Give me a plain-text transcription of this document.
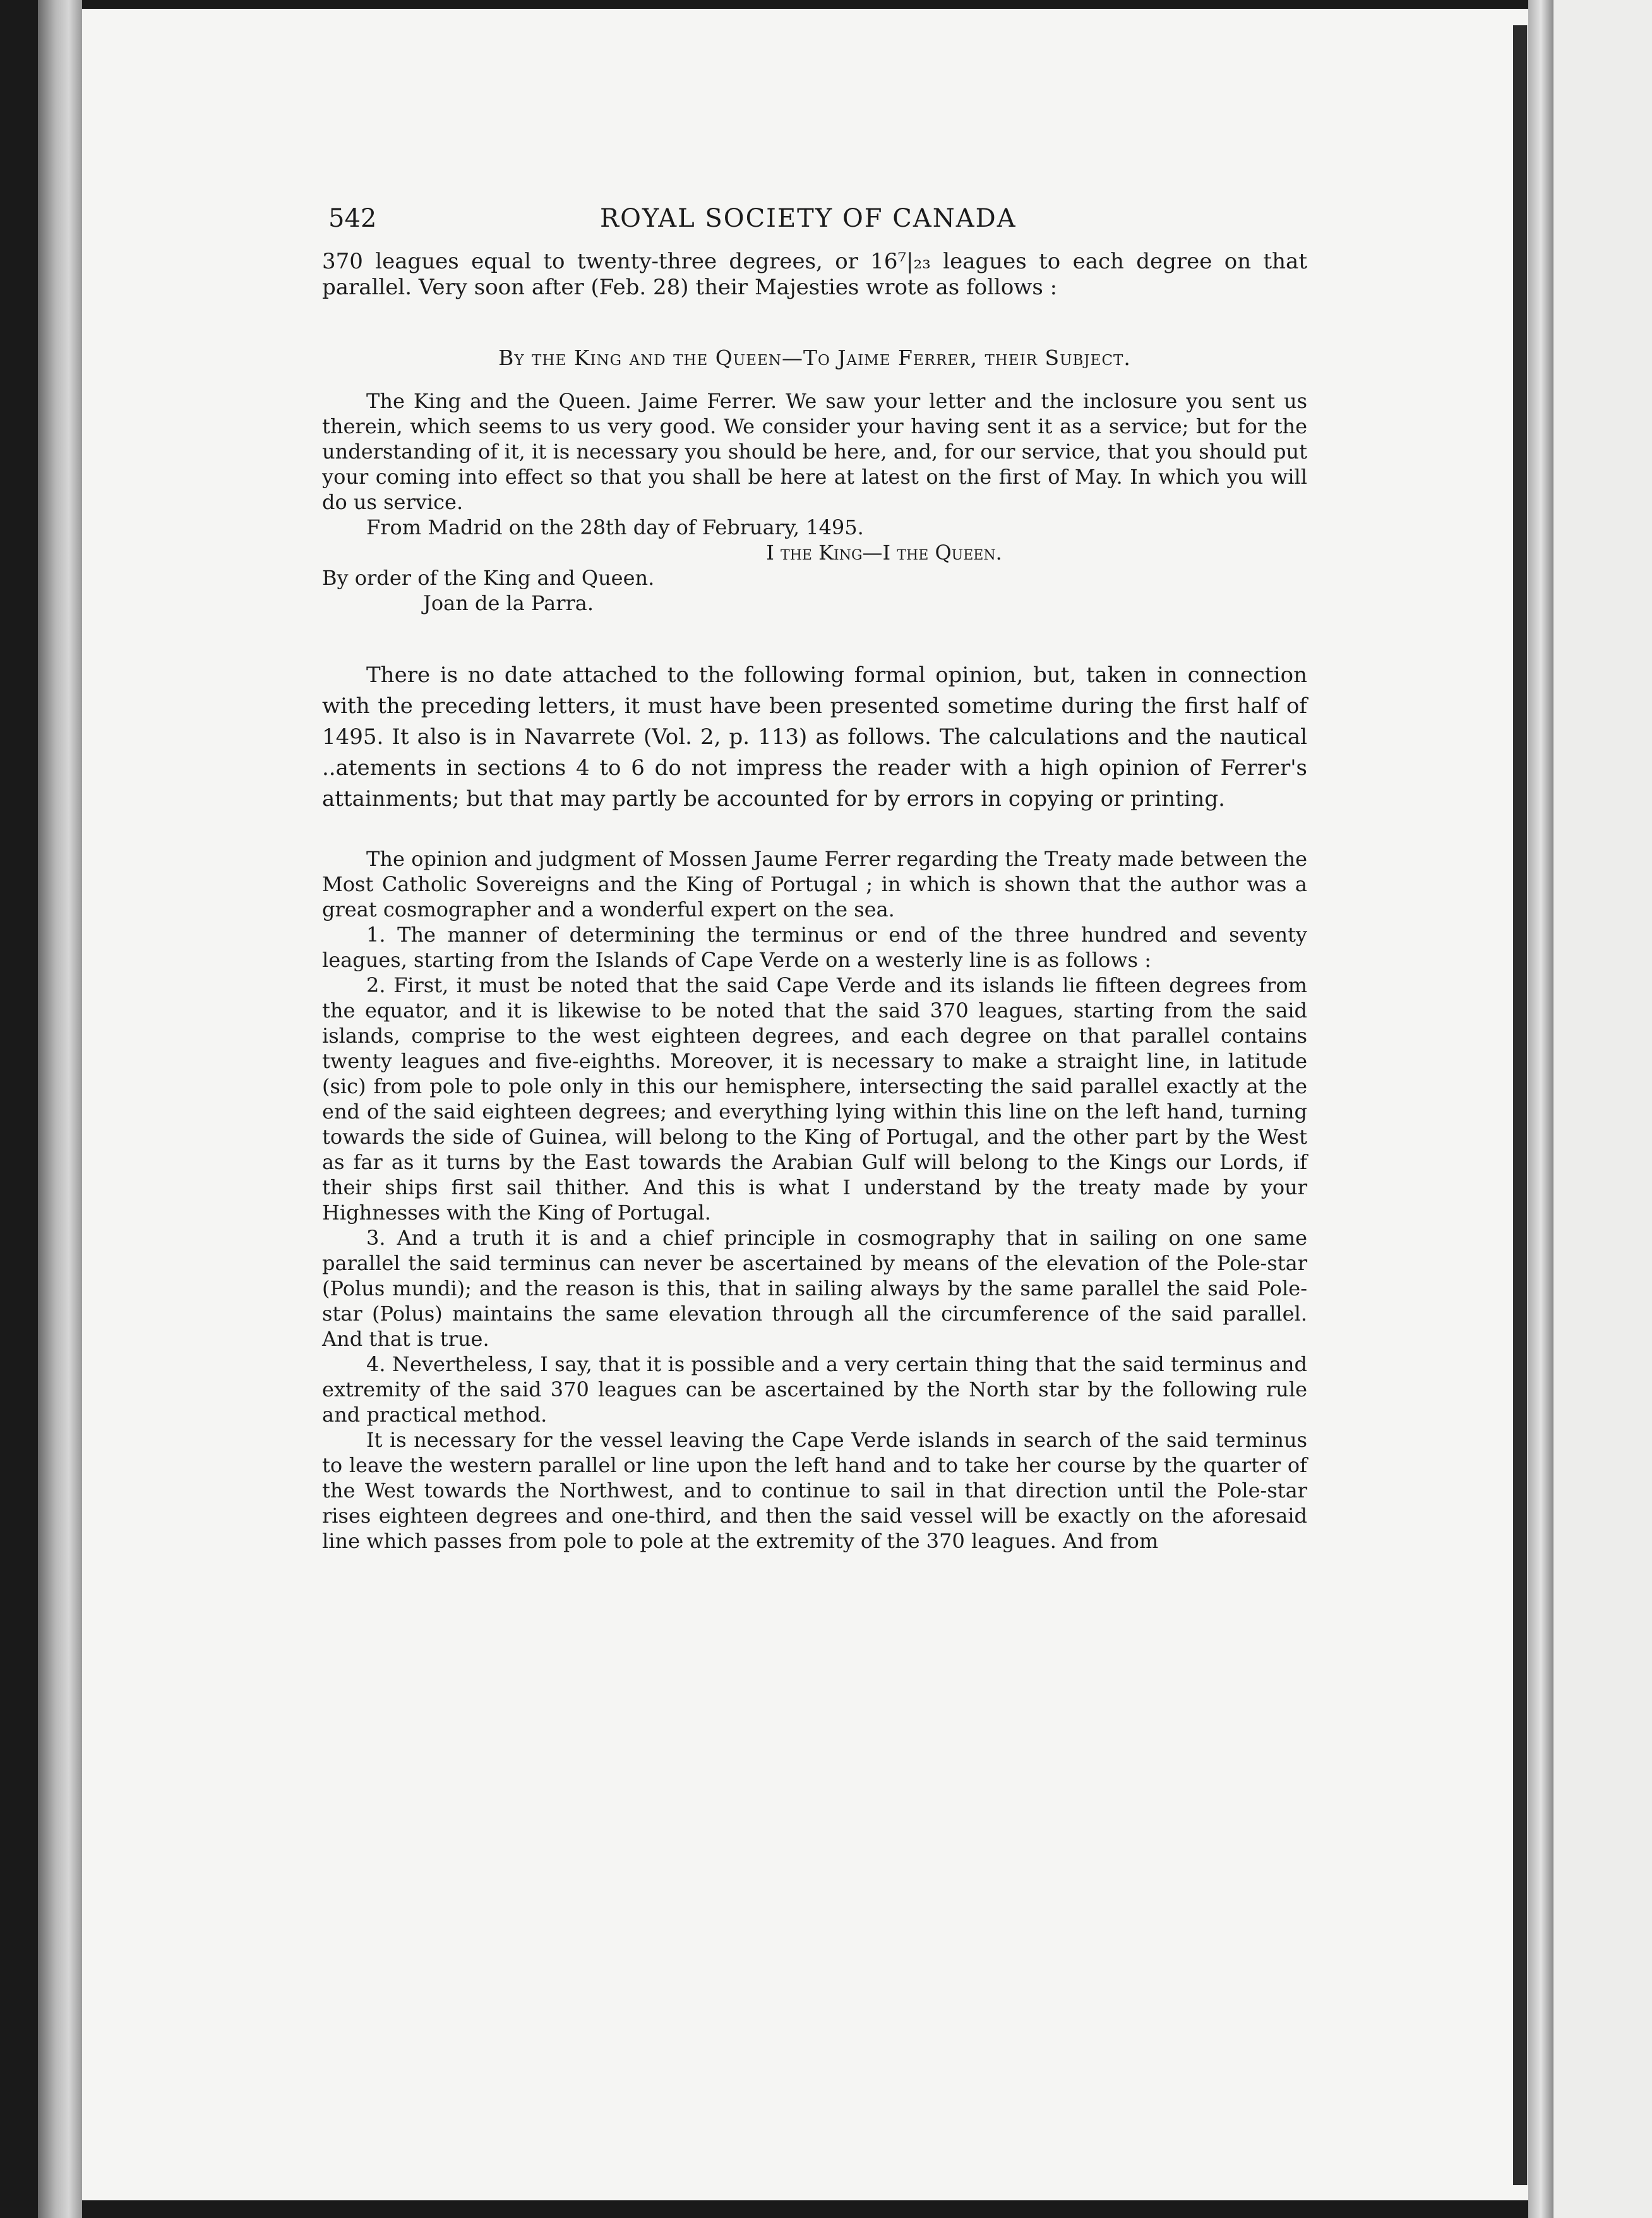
542	ROYAL SOCIETY OF CANADA

370 leagues equal to twenty-three degrees, or 16⁷|₂₃ leagues to each degree on that parallel. Very soon after (Feb. 28) their Majesties wrote as follows :

By the King and the Queen—To Jaime Ferrer, their Subject.

The King and the Queen. Jaime Ferrer. We saw your letter and the inclosure you sent us therein, which seems to us very good. We consider your having sent it as a service; but for the understanding of it, it is necessary you should be here, and, for our service, that you should put your coming into effect so that you shall be here at latest on the first of May. In which you will do us service.

From Madrid on the 28th day of February, 1495.

I the King—I the Queen.

By order of the King and Queen.

Joan de la Parra.

There is no date attached to the following formal opinion, but, taken in connection with the preceding letters, it must have been presented sometime during the first half of 1495. It also is in Navarrete (Vol. 2, p. 113) as follows. The calculations and the nautical ..atements in sections 4 to 6 do not impress the reader with a high opinion of Ferrer's attainments; but that may partly be accounted for by errors in copying or printing.

The opinion and judgment of Mossen Jaume Ferrer regarding the Treaty made between the Most Catholic Sovereigns and the King of Portugal ; in which is shown that the author was a great cosmographer and a wonderful expert on the sea.

1. The manner of determining the terminus or end of the three hundred and seventy leagues, starting from the Islands of Cape Verde on a westerly line is as follows :

2. First, it must be noted that the said Cape Verde and its islands lie fifteen degrees from the equator, and it is likewise to be noted that the said 370 leagues, starting from the said islands, comprise to the west eighteen degrees, and each degree on that parallel contains twenty leagues and five-eighths. Moreover, it is necessary to make a straight line, in latitude (sic) from pole to pole only in this our hemisphere, intersecting the said parallel exactly at the end of the said eighteen degrees; and everything lying within this line on the left hand, turning towards the side of Guinea, will belong to the King of Portugal, and the other part by the West as far as it turns by the East towards the Arabian Gulf will belong to the Kings our Lords, if their ships first sail thither. And this is what I understand by the treaty made by your Highnesses with the King of Portugal.

3. And a truth it is and a chief principle in cosmography that in sailing on one same parallel the said terminus can never be ascertained by means of the elevation of the Pole-star (Polus mundi); and the reason is this, that in sailing always by the same parallel the said Pole-star (Polus) maintains the same elevation through all the circumference of the said parallel. And that is true.

4. Nevertheless, I say, that it is possible and a very certain thing that the said terminus and extremity of the said 370 leagues can be ascertained by the North star by the following rule and practical method.

It is necessary for the vessel leaving the Cape Verde islands in search of the said terminus to leave the western parallel or line upon the left hand and to take her course by the quarter of the West towards the Northwest, and to continue to sail in that direction until the Pole-star rises eighteen degrees and one-third, and then the said vessel will be exactly on the aforesaid line which passes from pole to pole at the extremity of the 370 leagues. And from
